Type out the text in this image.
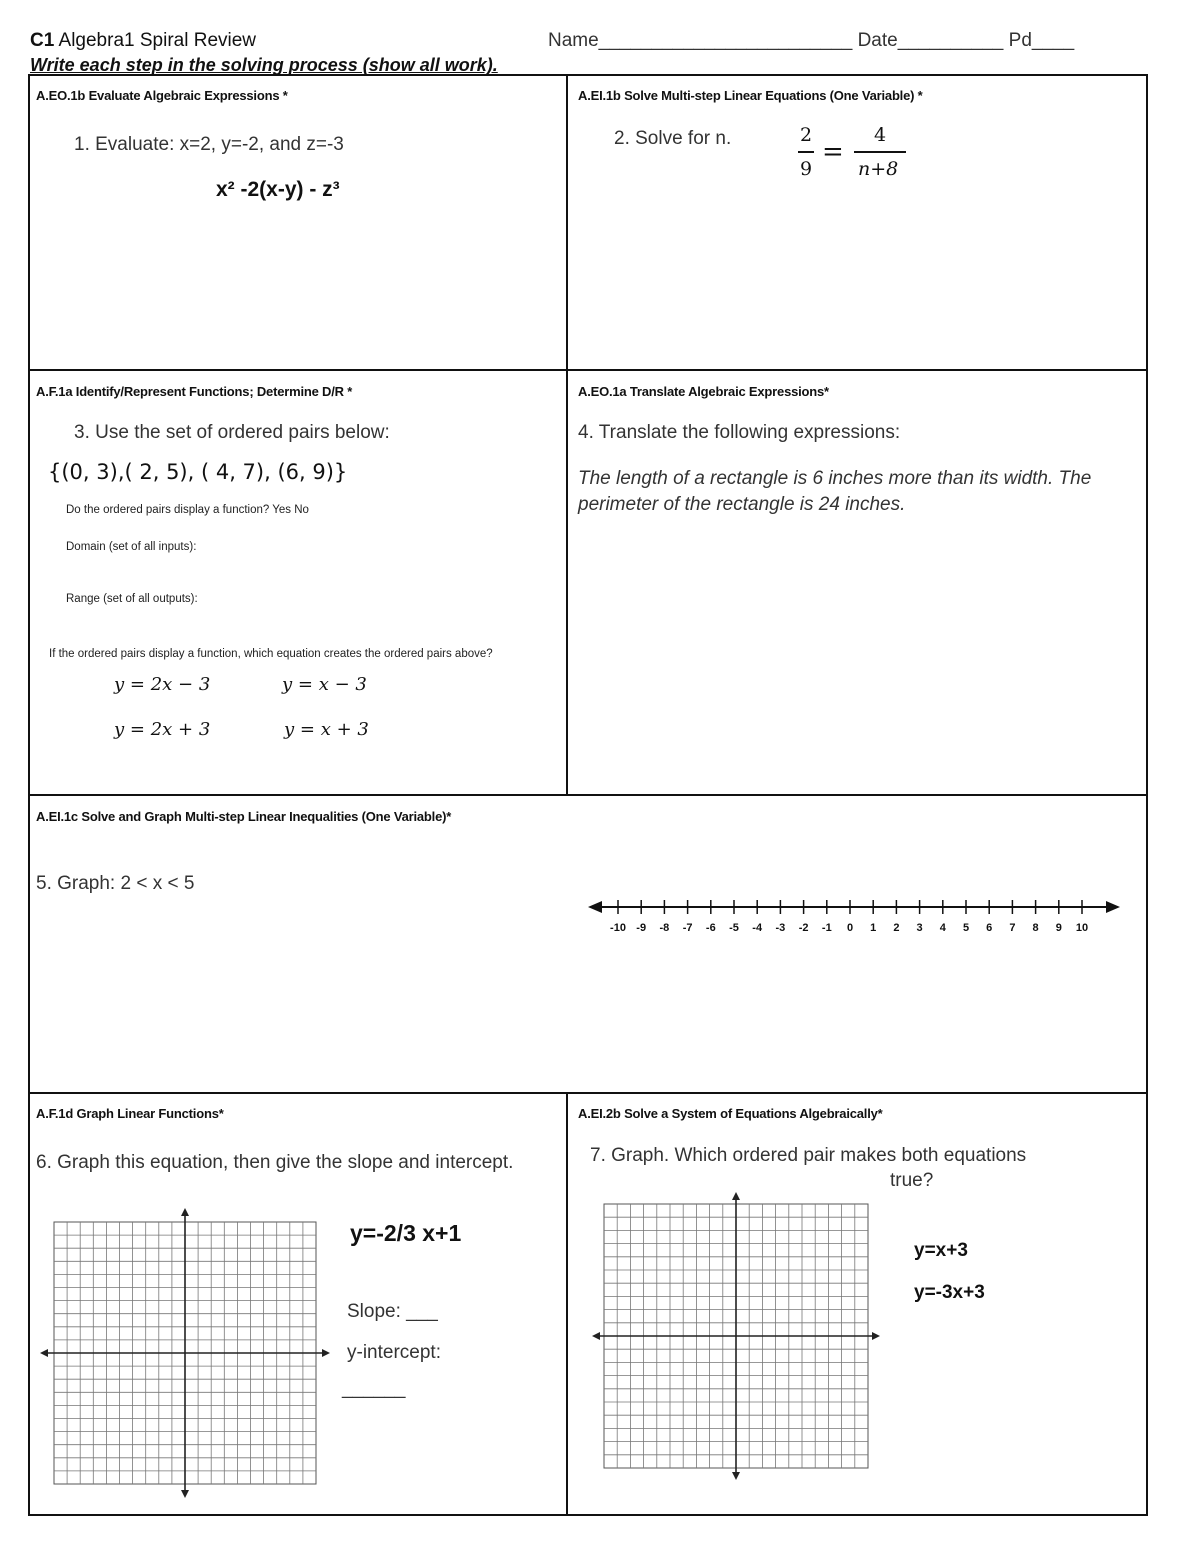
C1 Algebra1 Spiral Review	Name________________________ Date__________ Pd____
Write each step in the solving process (show all work).
A.EO.1b Evaluate Algebraic Expressions *
1. Evaluate: x=2, y=-2, and z=-3
x² -2(x-y) - z³
A.EI.1b Solve Multi-step Linear Equations (One Variable) *
2. Solve for n.	2
9
=
4
n+8
A.F.1a Identify/Represent Functions; Determine D/R *
3. Use the set of ordered pairs below:
{(0, 3),( 2, 5), ( 4, 7), (6, 9)}
Do the ordered pairs display a function? Yes No
Domain (set of all inputs):
Range (set of all outputs):
If the ordered pairs display a function, which equation creates the ordered pairs above?
y = 2x − 3	y = x − 3
y = 2x + 3	y = x + 3
A.EO.1a Translate Algebraic Expressions*
4. Translate the following expressions:
The length of a rectangle is 6 inches more than its width. The
perimeter of the rectangle is 24 inches.
A.EI.1c Solve and Graph Multi-step Linear Inequalities (One Variable)*
5. Graph: 2 < x < 5
-10 -9 -8 -7 -6 -5 -4 -3 -2 -1 0 1 2 3 4 5 6 7 8 9 10
A.F.1d Graph Linear Functions*
6. Graph this equation, then give the slope and intercept.
y=-2/3 x+1
Slope: ___
y-intercept:
______
A.EI.2b Solve a System of Equations Algebraically*
7. Graph. Which ordered pair makes both equations
true?
y=x+3
y=-3x+3
